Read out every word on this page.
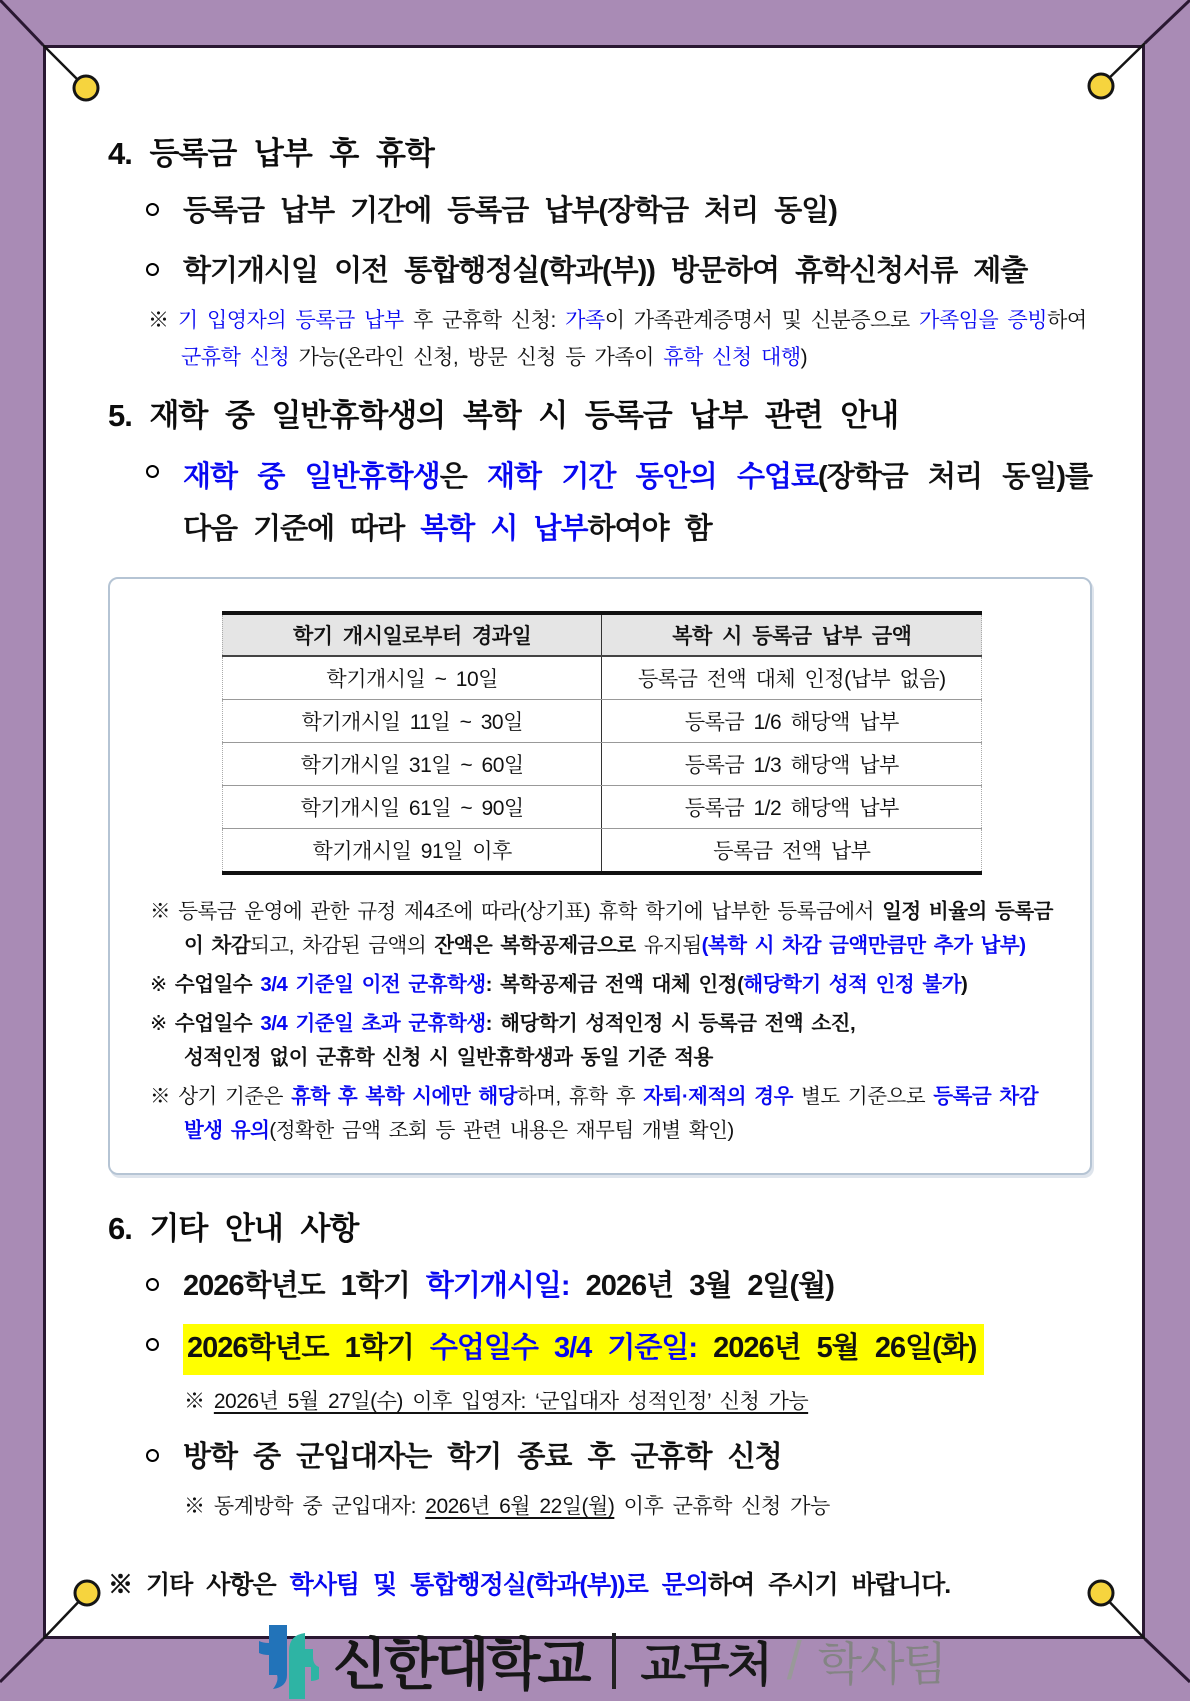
4. 등록금 납부 후 휴학

등록금 납부 기간에 등록금 납부(장학금 처리 동일)

학기개시일 이전 통합행정실(학과(부)) 방문하여 휴학신청서류 제출

※ 기 입영자의 등록금 납부 후 군휴학 신청: 가족이 가족관계증명서 및 신분증으로 가족임을 증빙하여 군휴학 신청 가능(온라인 신청, 방문 신청 등 가족이 휴학 신청 대행)

5. 재학 중 일반휴학생의 복학 시 등록금 납부 관련 안내

재학 중 일반휴학생은 재학 기간 동안의 수업료(장학금 처리 동일)를 다음 기준에 따라 복학 시 납부하여야 함

학기 개시일로부터 경과일	복학 시 등록금 납부 금액
학기개시일 ~ 10일	등록금 전액 대체 인정(납부 없음)
학기개시일 11일 ~ 30일	등록금 1/6 해당액 납부
학기개시일 31일 ~ 60일	등록금 1/3 해당액 납부
학기개시일 61일 ~ 90일	등록금 1/2 해당액 납부
학기개시일 91일 이후	등록금 전액 납부

※ 등록금 운영에 관한 규정 제4조에 따라(상기표) 휴학 학기에 납부한 등록금에서 일정 비율의 등록금이 차감되고, 차감된 금액의 잔액은 복학공제금으로 유지됨(복학 시 차감 금액만큼만 추가 납부)

※ 수업일수 3/4 기준일 이전 군휴학생: 복학공제금 전액 대체 인정(해당학기 성적 인정 불가)

※ 수업일수 3/4 기준일 초과 군휴학생: 해당학기 성적인정 시 등록금 전액 소진,
성적인정 없이 군휴학 신청 시 일반휴학생과 동일 기준 적용

※ 상기 기준은 휴학 후 복학 시에만 해당하며, 휴학 후 자퇴·제적의 경우 별도 기준으로 등록금 차감 발생 유의(정확한 금액 조회 등 관련 내용은 재무팀 개별 확인)

6. 기타 안내 사항

2026학년도 1학기 학기개시일: 2026년 3월 2일(월)

2026학년도 1학기 수업일수 3/4 기준일: 2026년 5월 26일(화)

※ 2026년 5월 27일(수) 이후 입영자: ‘군입대자 성적인정’ 신청 가능

방학 중 군입대자는 학기 종료 후 군휴학 신청

※ 동계방학 중 군입대자: 2026년 6월 22일(월) 이후 군휴학 신청 가능

※ 기타 사항은 학사팀 및 통합행정실(학과(부))로 문의하여 주시기 바랍니다.

신한대학교 교무처 / 학사팀
